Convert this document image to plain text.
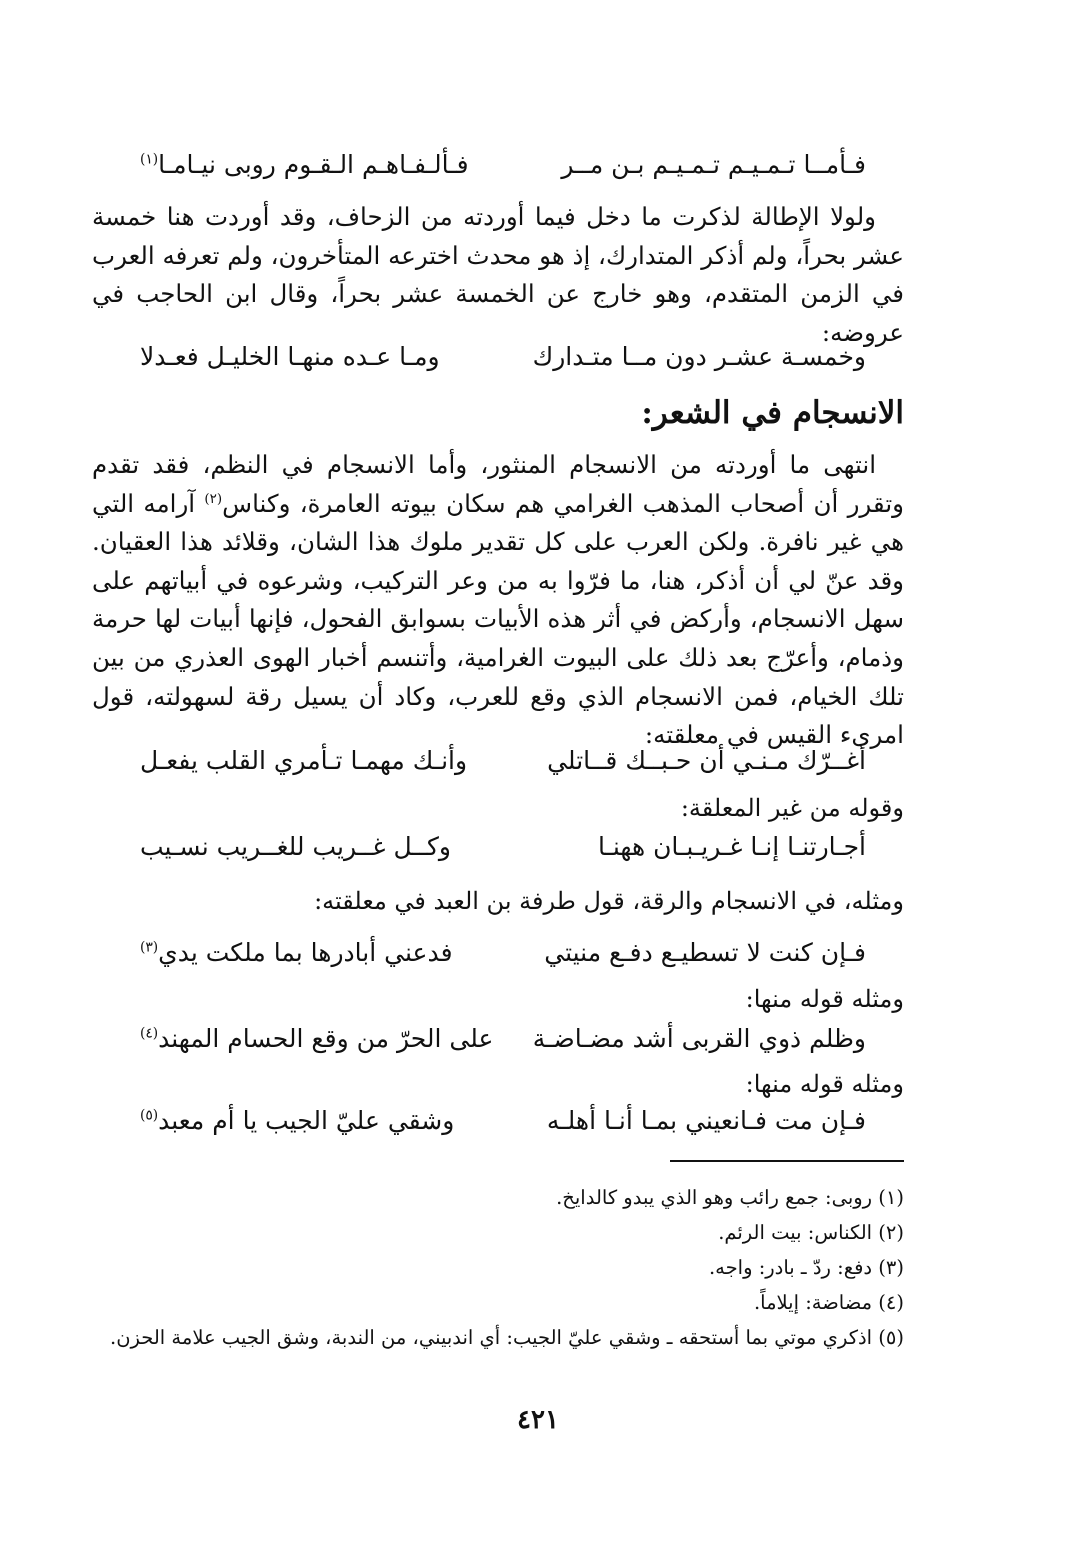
فـأمــا تـمـيـم تـمـيـم بـن مــر
فـألـفـاهـم الـقـوم روبى نيـامـا$^{(١)}$

ولولا الإطالة لذكرت ما دخل فيما أوردته من الزحاف، وقد أوردت هنا خمسة عشر بحراً، ولم أذكر المتدارك، إذ هو محدث اخترعه المتأخرون، ولم تعرفه العرب في الزمن المتقدم، وهو خارج عن الخمسة عشر بحراً، وقال ابن الحاجب في عروضه:

وخمسـة عشـر دون مــا متـدارك
ومـا عـده منهـا الخليـل فعـدلا
الانسجام في الشعر:

انتهى ما أوردته من الانسجام المنثور، وأما الانسجام في النظم، فقد تقدم وتقرر أن أصحاب المذهب الغرامي هم سكان بيوته العامرة، وكناس$^{(٢)}$ آرامه التي هي غير نافرة. ولكن العرب على كل تقدير ملوك هذا الشان، وقلائد هذا العقيان. وقد عنّ لي أن أذكر، هنا، ما فرّوا به من وعر التركيب، وشرعوه في أبياتهم على سهل الانسجام، وأركض في أثر هذه الأبيات بسوابق الفحول، فإنها أبيات لها حرمة وذمام، وأعرّج بعد ذلك على البيوت الغرامية، وأتنسم أخبار الهوى العذري من بين تلك الخيام، فمن الانسجام الذي وقع للعرب، وكاد أن يسيل رقة لسهولته، قول امرىء القيس في معلقته:

أغــرّك مـنـي أن حـبــك قــاتلي
وأنـك مهمـا تـأمري القلب يفعـل
وقوله من غير المعلقة:
أجـارتنـا إنـا غـريـبـان ههنـا
وكــل غــريب للغــريب نسـيب
ومثله، في الانسجام والرقة، قول طرفة بن العبد في معلقته:
فـإن كنت لا تسطيـع دفـع منيتي
فدعني أبادرها بما ملكت يدي$^{(٣)}$
ومثله قوله منها:
وظلم ذوي القربى أشد مضـاضـة
على الحرّ من وقع الحسام المهند$^{(٤)}$
ومثله قوله منها:
فـإن مت فـانعيني بمـا أنـا أهلـه
وشقي عليّ الجيب يا أم معبد$^{(٥)}$
(١) روبى: جمع رائب وهو الذي يبدو كالدايخ.
(٢) الكناس: بيت الرئم.
(٣) دفع: ردّ ـ بادر: واجه.
(٤) مضاضة: إيلاماً.
(٥) اذكري موتي بما أستحقه ـ وشقي عليّ الجيب: أي اندبيني، من الندبة، وشق الجيب علامة الحزن.
٤٢١
